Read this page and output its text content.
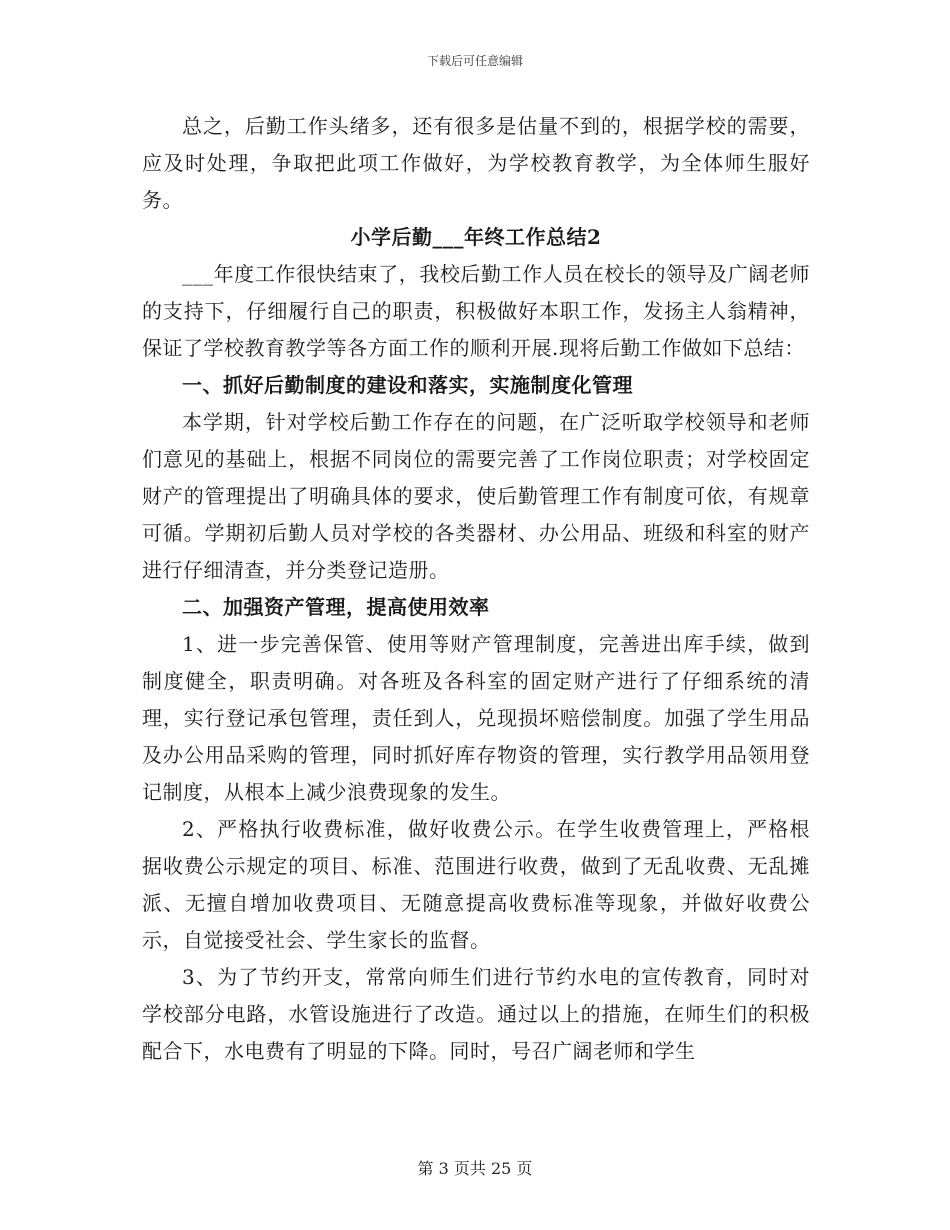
下载后可任意编辑

总之，后勤工作头绪多，还有很多是估量不到的，根据学校的需要，应及时处理，争取把此项工作做好，为学校教育教学，为全体师生服好务。

小学后勤___年终工作总结2

___年度工作很快结束了，我校后勤工作人员在校长的领导及广阔老师的支持下，仔细履行自己的职责，积极做好本职工作，发扬主人翁精神，保证了学校教育教学等各方面工作的顺利开展.现将后勤工作做如下总结：

一、抓好后勤制度的建设和落实，实施制度化管理

本学期，针对学校后勤工作存在的问题，在广泛听取学校领导和老师们意见的基础上，根据不同岗位的需要完善了工作岗位职责；对学校固定财产的管理提出了明确具体的要求，使后勤管理工作有制度可依，有规章可循。学期初后勤人员对学校的各类器材、办公用品、班级和科室的财产进行仔细清查，并分类登记造册。

二、加强资产管理，提高使用效率

1、进一步完善保管、使用等财产管理制度，完善进出库手续，做到制度健全，职责明确。对各班及各科室的固定财产进行了仔细系统的清理，实行登记承包管理，责任到人，兑现损坏赔偿制度。加强了学生用品及办公用品采购的管理，同时抓好库存物资的管理，实行教学用品领用登记制度，从根本上减少浪费现象的发生。

2、严格执行收费标准，做好收费公示。在学生收费管理上，严格根据收费公示规定的项目、标准、范围进行收费，做到了无乱收费、无乱摊派、无擅自增加收费项目、无随意提高收费标准等现象，并做好收费公示，自觉接受社会、学生家长的监督。

3、为了节约开支，常常向师生们进行节约水电的宣传教育，同时对学校部分电路，水管设施进行了改造。通过以上的措施，在师生们的积极配合下，水电费有了明显的下降。同时，号召广阔老师和学生

第 3 页共 25 页
